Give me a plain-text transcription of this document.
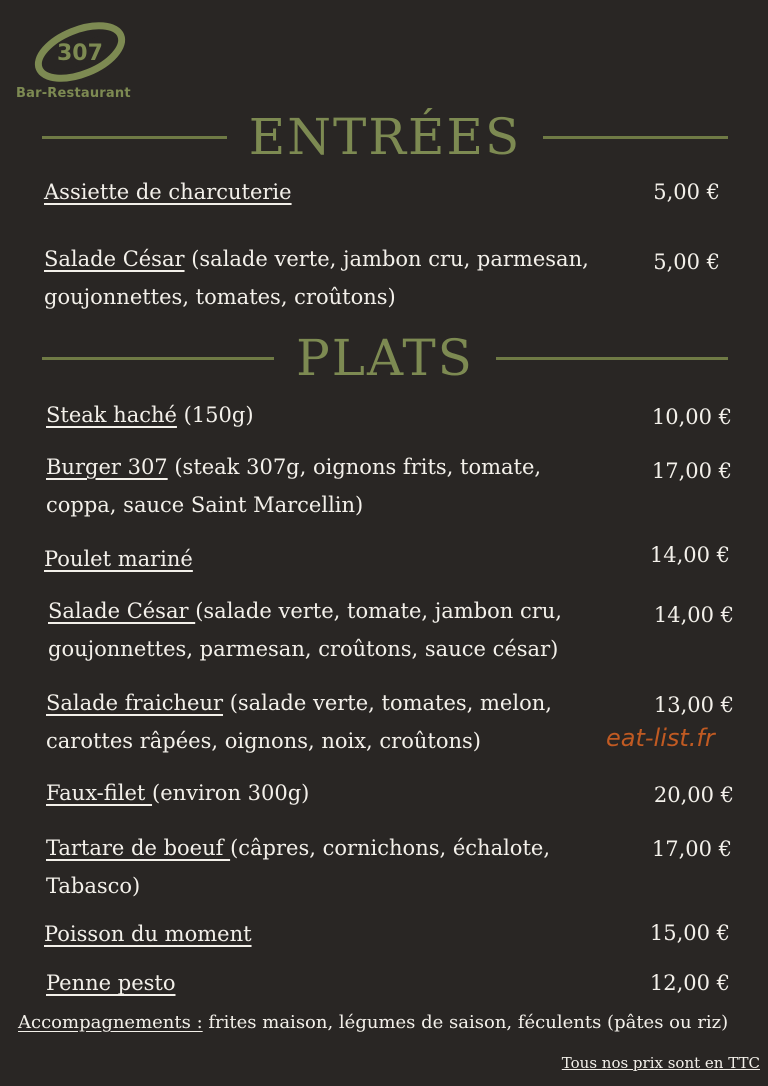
307
Bar-Restaurant
ENTRÉES
Assiette de charcuterie	5,00 €
Salade César (salade verte, jambon cru, parmesan,
goujonnettes, tomates, croûtons)
5,00 €
PLATS
Steak haché (150g)	10,00 €
Burger 307 (steak 307g, oignons frits, tomate,
coppa, sauce Saint Marcellin)
17,00 €
Poulet mariné	14,00 €
Salade César (salade verte, tomate, jambon cru,
goujonnettes, parmesan, croûtons, sauce césar)
14,00 €
Salade fraicheur (salade verte, tomates, melon,
carottes râpées, oignons, noix, croûtons)
13,00 €
eat-list.fr
Faux-filet (environ 300g)	20,00 €
Tartare de boeuf (câpres, cornichons, échalote,
Tabasco)
17,00 €
Poisson du moment	15,00 €
Penne pesto	12,00 €
Accompagnements : frites maison, légumes de saison, féculents (pâtes ou riz)
Tous nos prix sont en TTC
